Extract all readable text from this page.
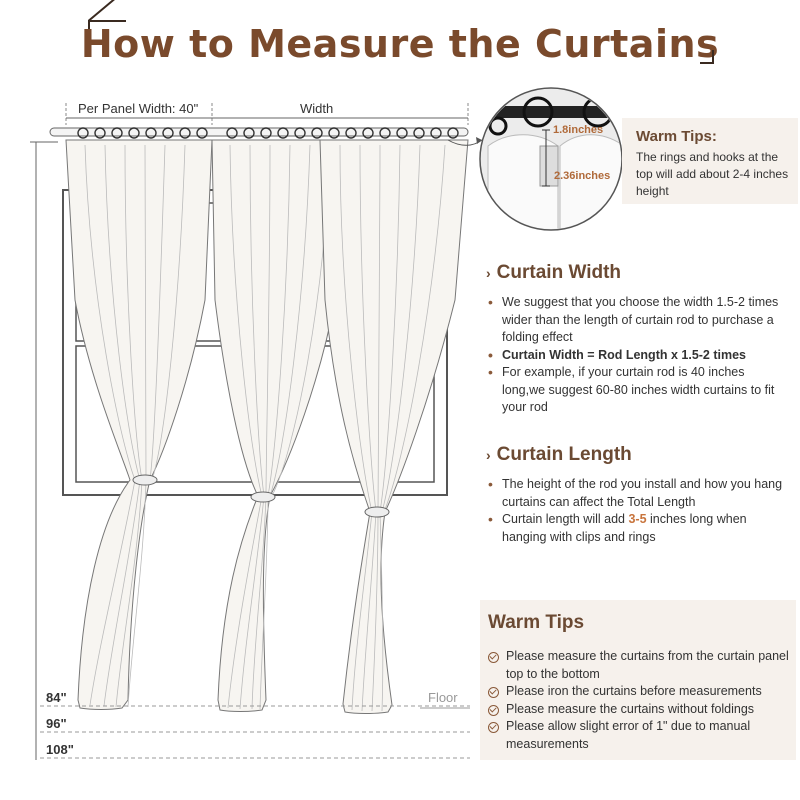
How to Measure the Curtains
Per Panel Width: 40"	Width
84"
96"
108"
Floor
1.8inches
2.36inches
Warm Tips:
The rings and hooks at the top will add about 2-4 inches height
› Curtain Width
• We suggest that you choose the width 1.5-2 times wider than the length of curtain rod to purchase a folding effect
• Curtain Width = Rod Length x 1.5-2 times
• For example, if your curtain rod is 40 inches long,we suggest 60-80 inches width curtains to fit your rod
› Curtain Length
• The height of the rod you install and how you hang curtains can affect the Total Length
• Curtain length will add 3-5 inches long when hanging with clips and rings
Warm Tips
Please measure the curtains from the curtain panel top to the bottom
Please iron the curtains before measurements
Please measure the curtains without foldings
Please allow slight error of 1" due to manual measurements
